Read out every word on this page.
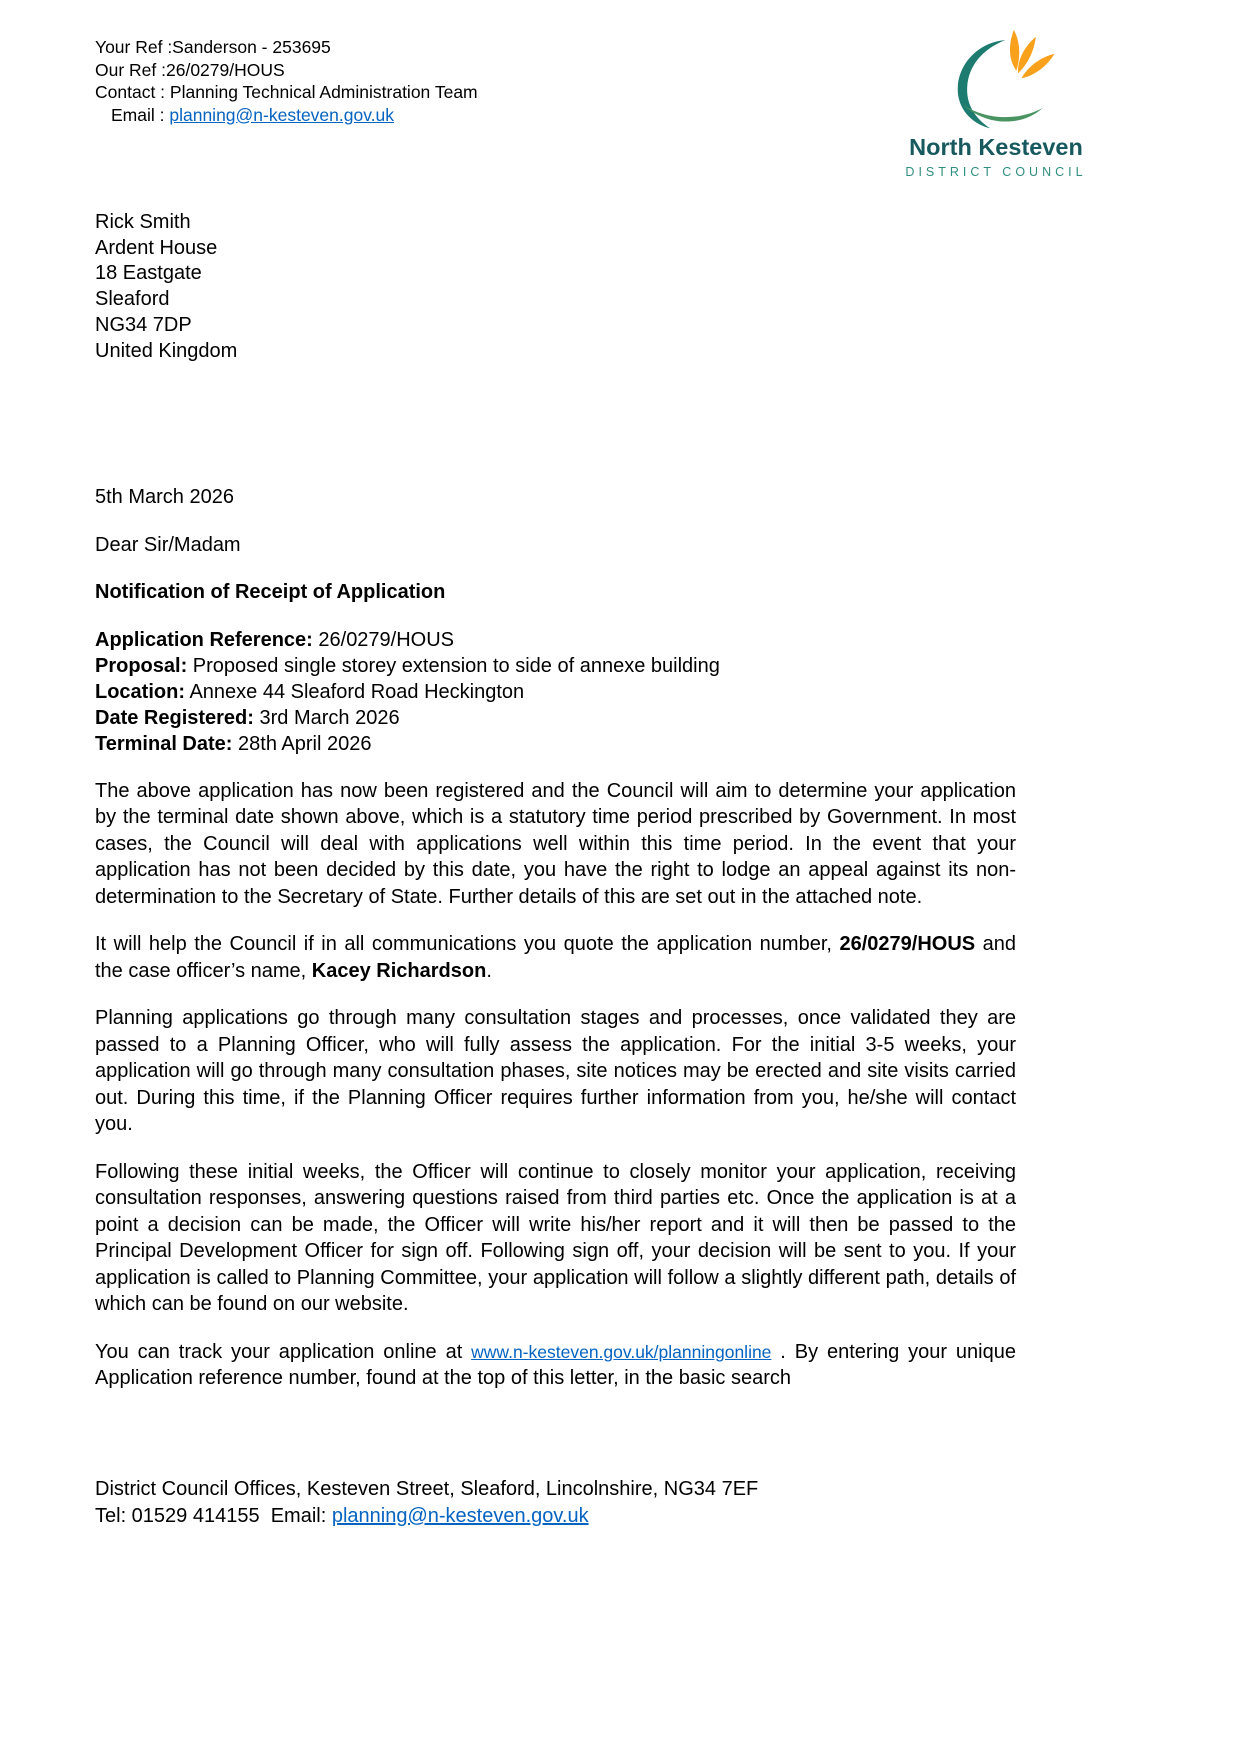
Your Ref :Sanderson - 253695
Our Ref :26/0279/HOUS
Contact : Planning Technical Administration Team
Email : planning@n-kesteven.gov.uk
North Kesteven
DISTRICT COUNCIL
Rick Smith
Ardent House
18 Eastgate
Sleaford
NG34 7DP
United Kingdom

5th March 2026

Dear Sir/Madam

Notification of Receipt of Application

Application Reference: 26/0279/HOUS
Proposal: Proposed single storey extension to side of annexe building
Location: Annexe 44 Sleaford Road Heckington
Date Registered: 3rd March 2026
Terminal Date: 28th April 2026

The above application has now been registered and the Council will aim to determine your application by the terminal date shown above, which is a statutory time period prescribed by Government. In most cases, the Council will deal with applications well within this time period. In the event that your application has not been decided by this date, you have the right to lodge an appeal against its non-determination to the Secretary of State. Further details of this are set out in the attached note.

It will help the Council if in all communications you quote the application number, 26/0279/HOUS and the case officer’s name, Kacey Richardson.

Planning applications go through many consultation stages and processes, once validated they are passed to a Planning Officer, who will fully assess the application. For the initial 3-5 weeks, your application will go through many consultation phases, site notices may be erected and site visits carried out. During this time, if the Planning Officer requires further information from you, he/she will contact you.

Following these initial weeks, the Officer will continue to closely monitor your application, receiving consultation responses, answering questions raised from third parties etc. Once the application is at a point a decision can be made, the Officer will write his/her report and it will then be passed to the Principal Development Officer for sign off. Following sign off, your decision will be sent to you. If your application is called to Planning Committee, your application will follow a slightly different path, details of which can be found on our website.

You can track your application online at www.n-kesteven.gov.uk/planningonline . By entering your unique Application reference number, found at the top of this letter, in the basic search

District Council Offices, Kesteven Street, Sleaford, Lincolnshire, NG34 7EF
Tel: 01529 414155  Email: planning@n-kesteven.gov.uk
